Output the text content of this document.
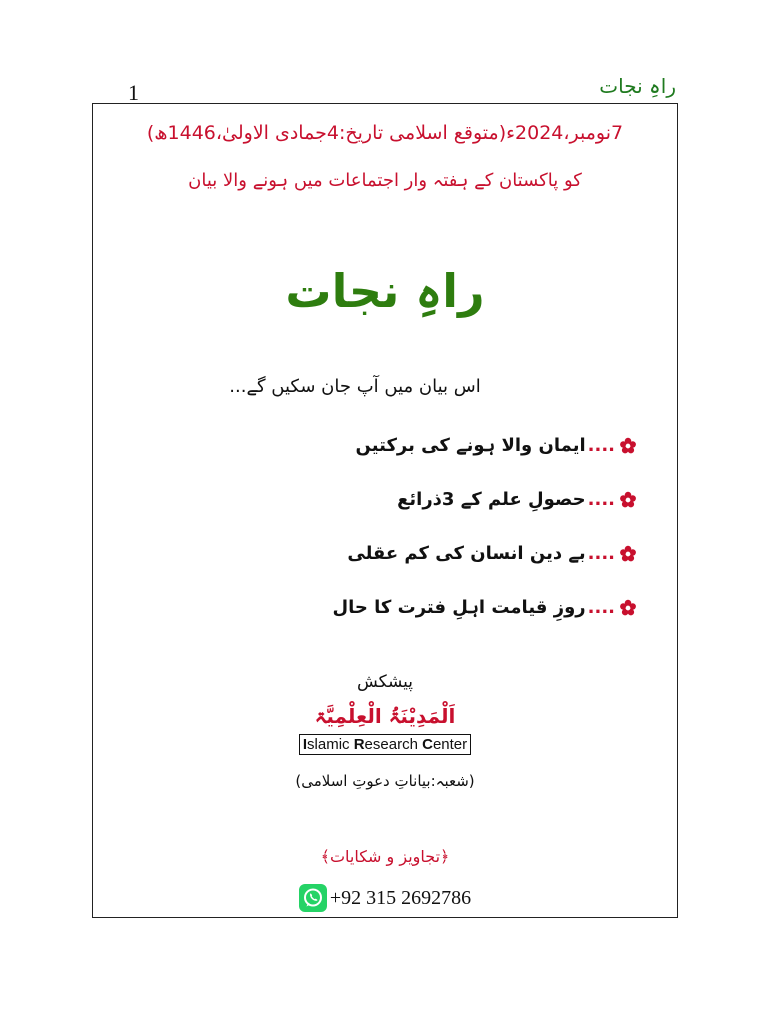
1	راہِ نجات
7نومبر،2024ء(متوقع اسلامی تاریخ:4جمادی الاولیٰ،1446ھ)
کو پاکستان کے ہفتہ وار اجتماعات میں ہونے والا بیان
راہِ نجات
اس بیان میں آپ جان سکیں گے...
....
ایمان والا ہونے کی برکتیں
....
حصولِ علم کے 3ذرائع
....
بے دین انسان کی کم عقلی
....
روزِ قیامت اہلِ فترت کا حال
پیشکش
اَلْمَدِیْنَۃُ الْعِلْمِیَّۃ
Islamic Research Center
(شعبہ:بیاناتِ دعوتِ اسلامی)
﴿تجاویز و شکایات﴾
+92 315 2692786
